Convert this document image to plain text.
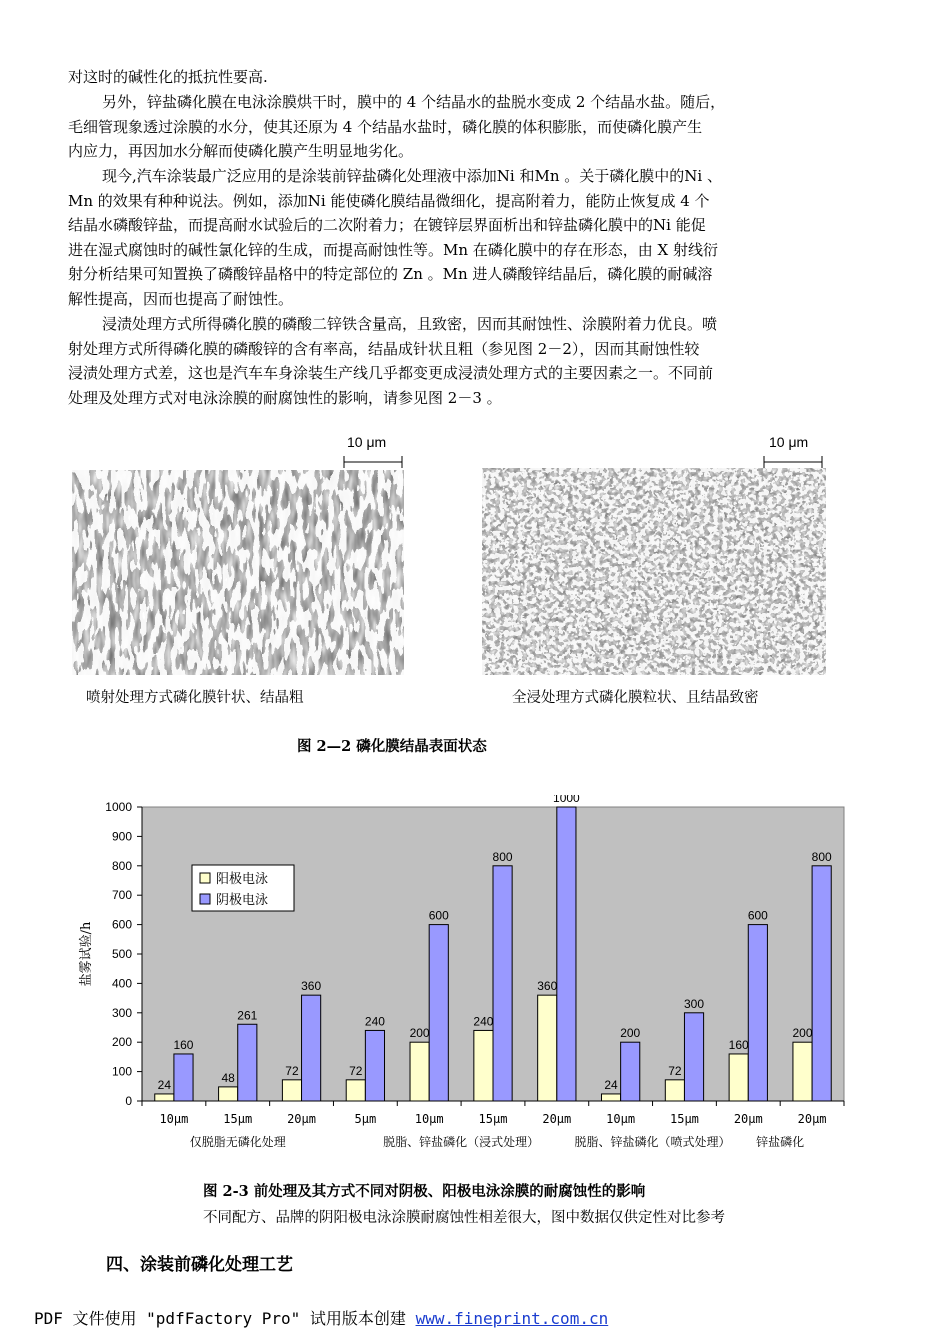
对这时的碱性化的抵抗性要高.
另外，锌盐磷化膜在电泳涂膜烘干时，膜中的 4 个结晶水的盐脱水变成 2 个结晶水盐。随后，
毛细管现象透过涂膜的水分，使其还原为 4 个结晶水盐时，磷化膜的体积膨胀，而使磷化膜产生
内应力，再因加水分解而使磷化膜产生明显地劣化。
现今,汽车涂装最广泛应用的是涂装前锌盐磷化处理液中添加Ni 和Mn 。关于磷化膜中的Ni 、
Mn 的效果有种种说法。例如，添加Ni 能使磷化膜结晶微细化，提高附着力，能防止恢复成 4 个
结晶水磷酸锌盐，而提高耐水试验后的二次附着力；在镀锌层界面析出和锌盐磷化膜中的Ni 能促
进在湿式腐蚀时的碱性氯化锌的生成，而提高耐蚀性等。Mn 在磷化膜中的存在形态，由 X 射线衍
射分析结果可知置换了磷酸锌晶格中的特定部位的 Zn 。Mn 进人磷酸锌结晶后，磷化膜的耐碱溶
解性提高，因而也提高了耐蚀性。
浸渍处理方式所得磷化膜的磷酸二锌铁含量高，且致密，因而其耐蚀性、涂膜附着力优良。喷
射处理方式所得磷化膜的磷酸锌的含有率高，结晶成针状且粗（参见图 2－2），因而其耐蚀性较
浸渍处理方式差，这也是汽车车身涂装生产线几乎都变更成浸渍处理方式的主要因素之一。不同前
处理及处理方式对电泳涂膜的耐腐蚀性的影响，请参见图 2－3 。
10 μm	10 μm
喷射处理方式磷化膜针状、结晶粗	全浸处理方式磷化膜粒状、且结晶致密
图 2—2 磷化膜结晶表面状态
0
100
200
300
400
500
600
700
800
900
1000
盐雾试验/h
24
160
10μm
48
261
15μm
72
360
20μm
72
240
5μm
200
600
10μm
240
800
15μm
360
1000
20μm
24
200
10μm
72
300
15μm
160
600
20μm
200
800
20μm
仅脱脂无磷化处理	脱脂、锌盐磷化（浸式处理）	脱脂、锌盐磷化（喷式处理） 锌盐磷化
阳极电泳
阴极电泳
图 2-3 前处理及其方式不同对阴极、阳极电泳涂膜的耐腐蚀性的影响
不同配方、品牌的阴阳极电泳涂膜耐腐蚀性相差很大，图中数据仅供定性对比参考
四、涂装前磷化处理工艺
PDF 文件使用 "pdfFactory Pro" 试用版本创建 www.fineprint.com.cn
